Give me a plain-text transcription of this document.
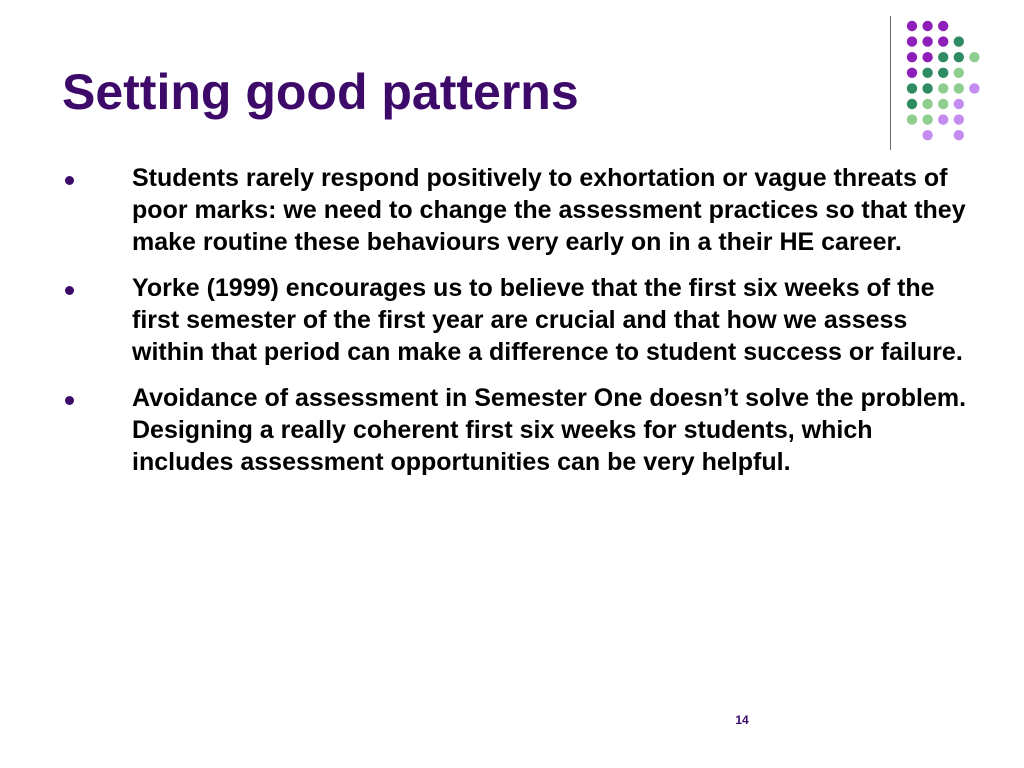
Setting good patterns
Students rarely respond positively to exhortation or vague threats of poor marks: we need to change the assessment practices so that they make routine these behaviours very early on in a their HE career.
Yorke (1999) encourages us to believe that the first six weeks of the first semester of the first year are crucial and that how we assess within that period can make a difference to student success or failure.
Avoidance of assessment in Semester One doesn’t solve the problem. Designing a really coherent first six weeks for students, which includes assessment opportunities can be very helpful.
14
